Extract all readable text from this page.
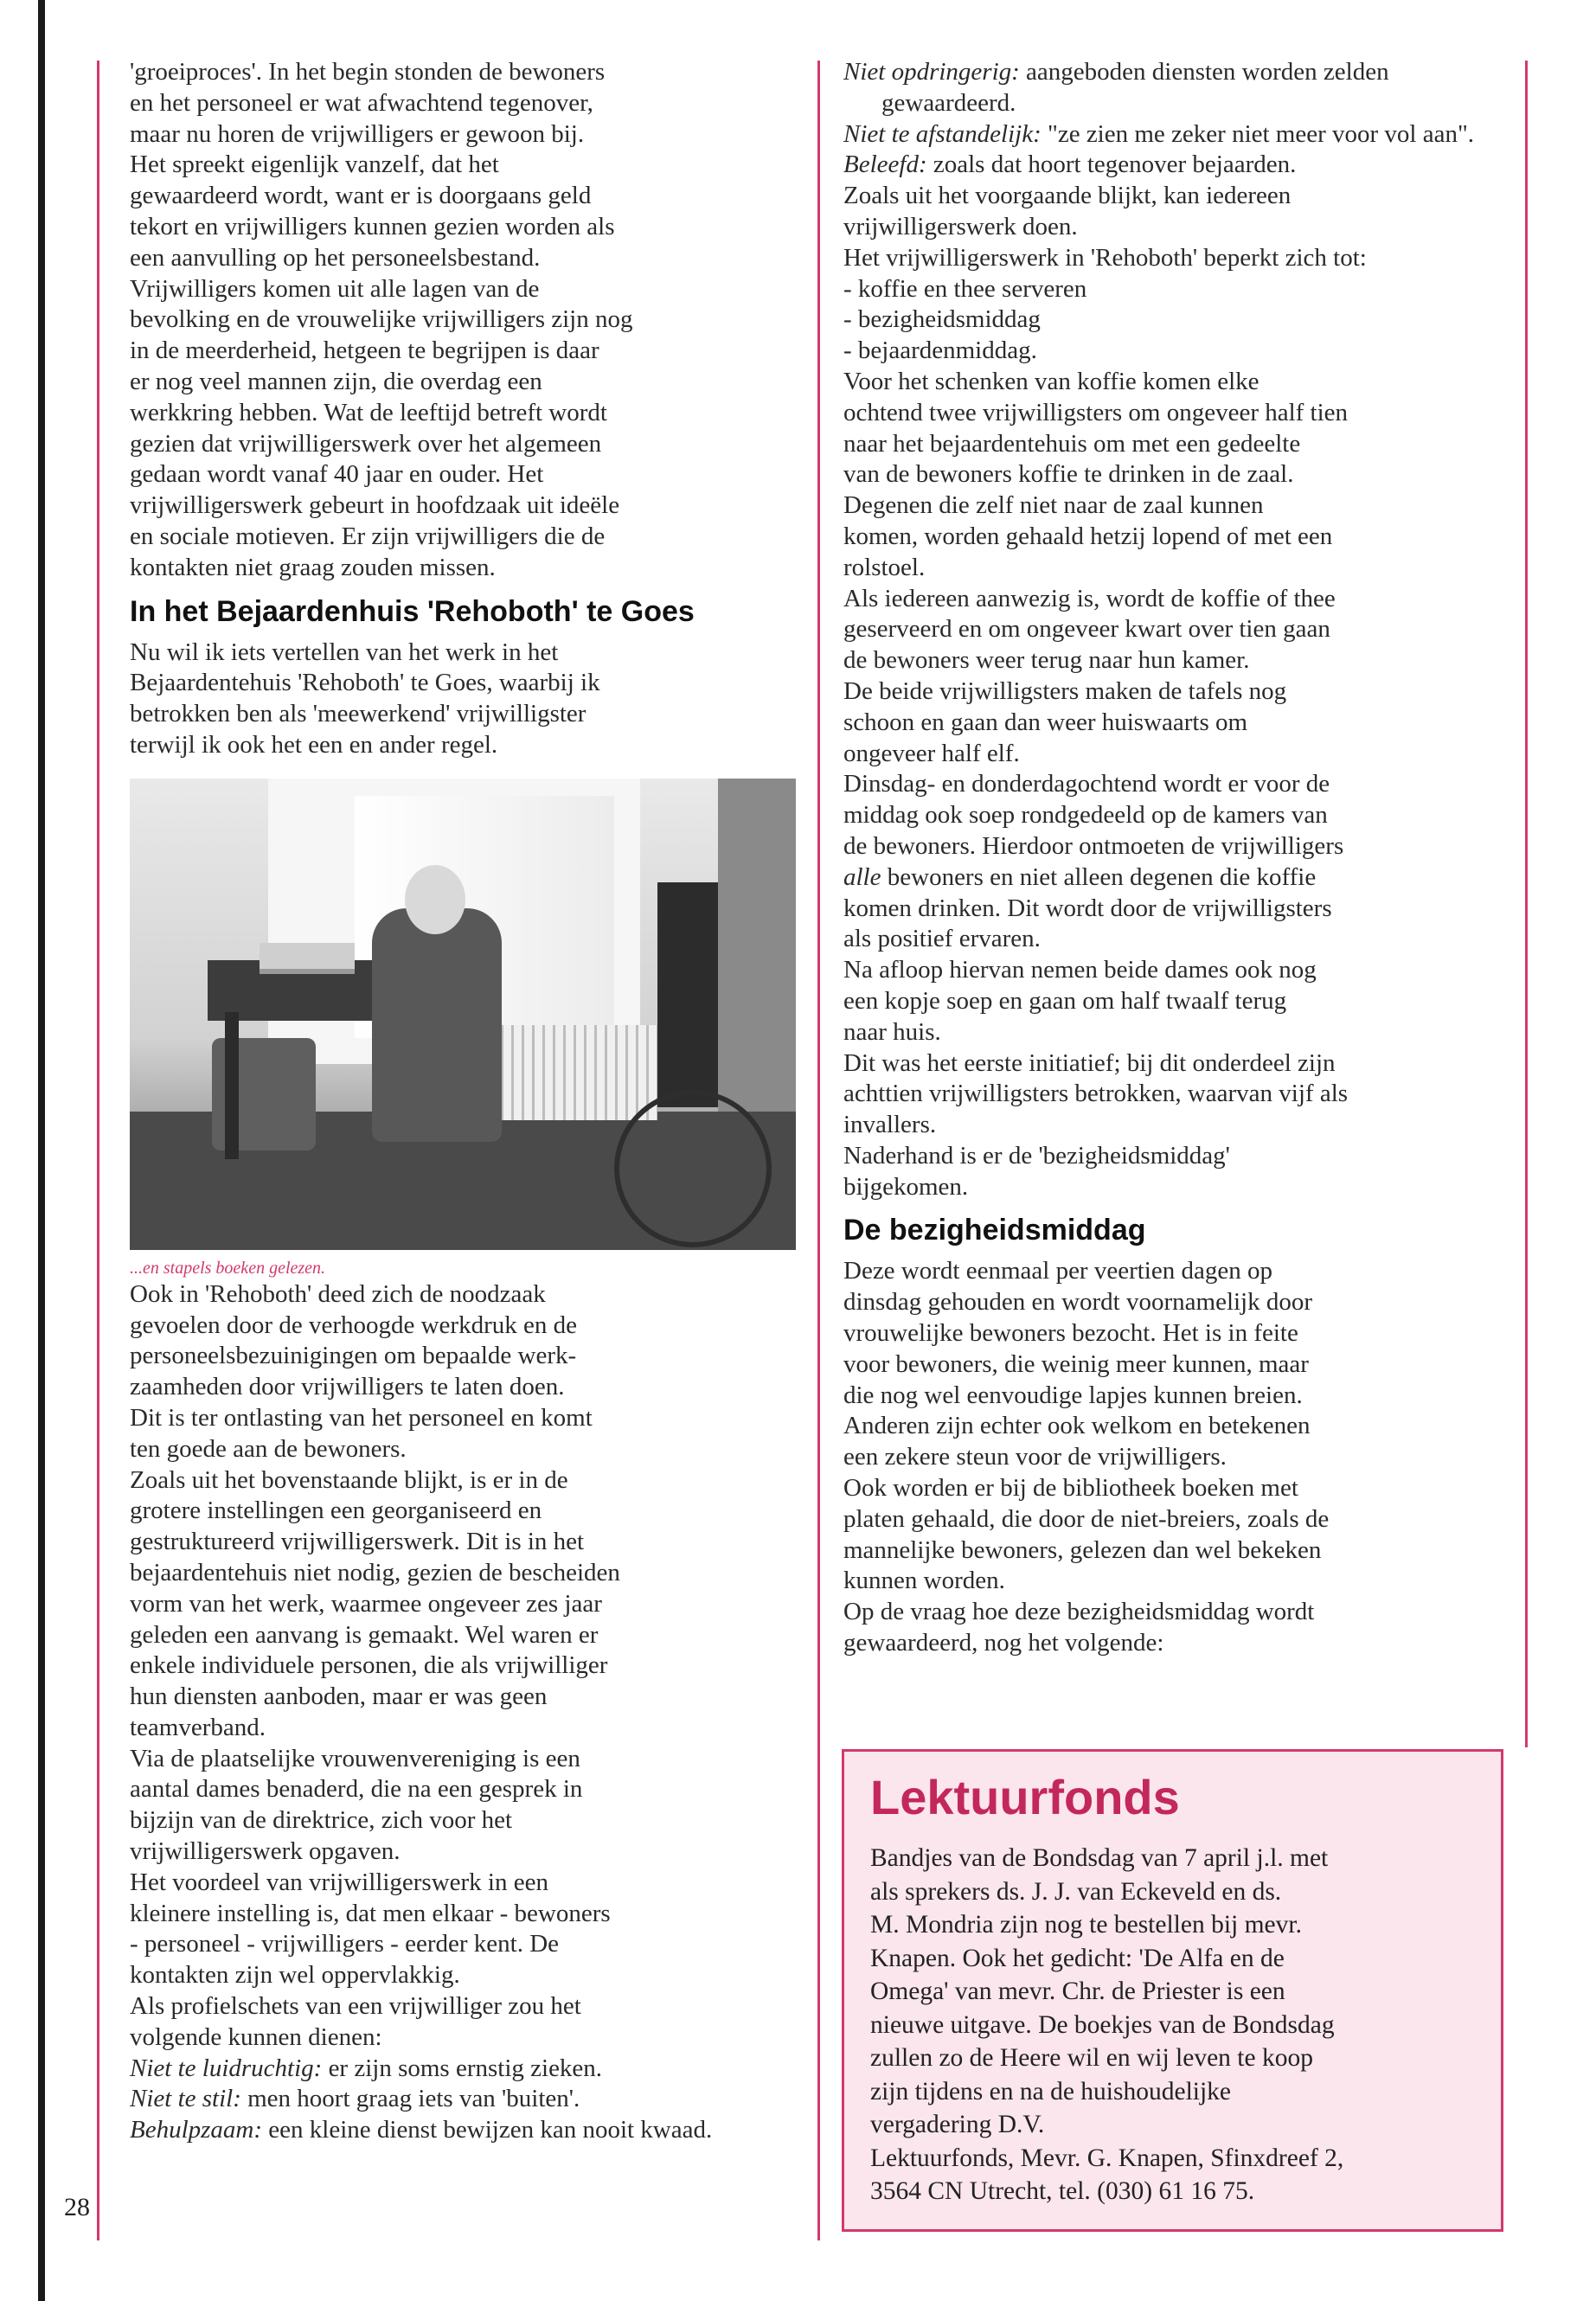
'groeiproces'. In het begin stonden de bewoners

en het personeel er wat afwachtend tegenover,

maar nu horen de vrijwilligers er gewoon bij.

Het spreekt eigenlijk vanzelf, dat het

gewaardeerd wordt, want er is doorgaans geld

tekort en vrijwilligers kunnen gezien worden als

een aanvulling op het personeelsbestand.

Vrijwilligers komen uit alle lagen van de

bevolking en de vrouwelijke vrijwilligers zijn nog

in de meerderheid, hetgeen te begrijpen is daar

er nog veel mannen zijn, die overdag een

werkkring hebben. Wat de leeftijd betreft wordt

gezien dat vrijwilligerswerk over het algemeen

gedaan wordt vanaf 40 jaar en ouder. Het

vrijwilligerswerk gebeurt in hoofdzaak uit ideële

en sociale motieven. Er zijn vrijwilligers die de

kontakten niet graag zouden missen.

In het Bejaardenhuis 'Rehoboth' te Goes

Nu wil ik iets vertellen van het werk in het

Bejaardentehuis 'Rehoboth' te Goes, waarbij ik

betrokken ben als 'meewerkend' vrijwilligster

terwijl ik ook het een en ander regel.

...en stapels boeken gelezen.

Ook in 'Rehoboth' deed zich de noodzaak

gevoelen door de verhoogde werkdruk en de

personeelsbezuinigingen om bepaalde werk-

zaamheden door vrijwilligers te laten doen.

Dit is ter ontlasting van het personeel en komt

ten goede aan de bewoners.

Zoals uit het bovenstaande blijkt, is er in de

grotere instellingen een georganiseerd en

gestruktureerd vrijwilligerswerk. Dit is in het

bejaardentehuis niet nodig, gezien de bescheiden

vorm van het werk, waarmee ongeveer zes jaar

geleden een aanvang is gemaakt. Wel waren er

enkele individuele personen, die als vrijwilliger

hun diensten aanboden, maar er was geen

teamverband.

Via de plaatselijke vrouwenvereniging is een

aantal dames benaderd, die na een gesprek in

bijzijn van de direktrice, zich voor het

vrijwilligerswerk opgaven.

Het voordeel van vrijwilligerswerk in een

kleinere instelling is, dat men elkaar - bewoners

- personeel - vrijwilligers - eerder kent. De

kontakten zijn wel oppervlakkig.

Als profielschets van een vrijwilliger zou het

volgende kunnen dienen:

Niet te luidruchtig: er zijn soms ernstig zieken.

Niet te stil: men hoort graag iets van 'buiten'.

Behulpzaam: een kleine dienst bewijzen kan nooit kwaad.

28

Niet opdringerig: aangeboden diensten worden zelden gewaardeerd.

Niet te afstandelijk: "ze zien me zeker niet meer voor vol aan".

Beleefd: zoals dat hoort tegenover bejaarden.

Zoals uit het voorgaande blijkt, kan iedereen

vrijwilligerswerk doen.

Het vrijwilligerswerk in 'Rehoboth' beperkt zich tot:

- koffie en thee serveren

- bezigheidsmiddag

- bejaardenmiddag.

Voor het schenken van koffie komen elke

ochtend twee vrijwilligsters om ongeveer half tien

naar het bejaardentehuis om met een gedeelte

van de bewoners koffie te drinken in de zaal.

Degenen die zelf niet naar de zaal kunnen

komen, worden gehaald hetzij lopend of met een

rolstoel.

Als iedereen aanwezig is, wordt de koffie of thee

geserveerd en om ongeveer kwart over tien gaan

de bewoners weer terug naar hun kamer.

De beide vrijwilligsters maken de tafels nog

schoon en gaan dan weer huiswaarts om

ongeveer half elf.

Dinsdag- en donderdagochtend wordt er voor de

middag ook soep rondgedeeld op de kamers van

de bewoners. Hierdoor ontmoeten de vrijwilligers

alle bewoners en niet alleen degenen die koffie

komen drinken. Dit wordt door de vrijwilligsters

als positief ervaren.

Na afloop hiervan nemen beide dames ook nog

een kopje soep en gaan om half twaalf terug

naar huis.

Dit was het eerste initiatief; bij dit onderdeel zijn

achttien vrijwilligsters betrokken, waarvan vijf als

invallers.

Naderhand is er de 'bezigheidsmiddag'

bijgekomen.

De bezigheidsmiddag

Deze wordt eenmaal per veertien dagen op

dinsdag gehouden en wordt voornamelijk door

vrouwelijke bewoners bezocht. Het is in feite

voor bewoners, die weinig meer kunnen, maar

die nog wel eenvoudige lapjes kunnen breien.

Anderen zijn echter ook welkom en betekenen

een zekere steun voor de vrijwilligers.

Ook worden er bij de bibliotheek boeken met

platen gehaald, die door de niet-breiers, zoals de

mannelijke bewoners, gelezen dan wel bekeken

kunnen worden.

Op de vraag hoe deze bezigheidsmiddag wordt

gewaardeerd, nog het volgende:

Lektuurfonds

Bandjes van de Bondsdag van 7 april j.l. met

als sprekers ds. J. J. van Eckeveld en ds.

M. Mondria zijn nog te bestellen bij mevr.

Knapen. Ook het gedicht: 'De Alfa en de

Omega' van mevr. Chr. de Priester is een

nieuwe uitgave. De boekjes van de Bondsdag

zullen zo de Heere wil en wij leven te koop

zijn tijdens en na de huishoudelijke

vergadering D.V.

Lektuurfonds, Mevr. G. Knapen, Sfinxdreef 2,

3564 CN Utrecht, tel. (030) 61 16 75.
